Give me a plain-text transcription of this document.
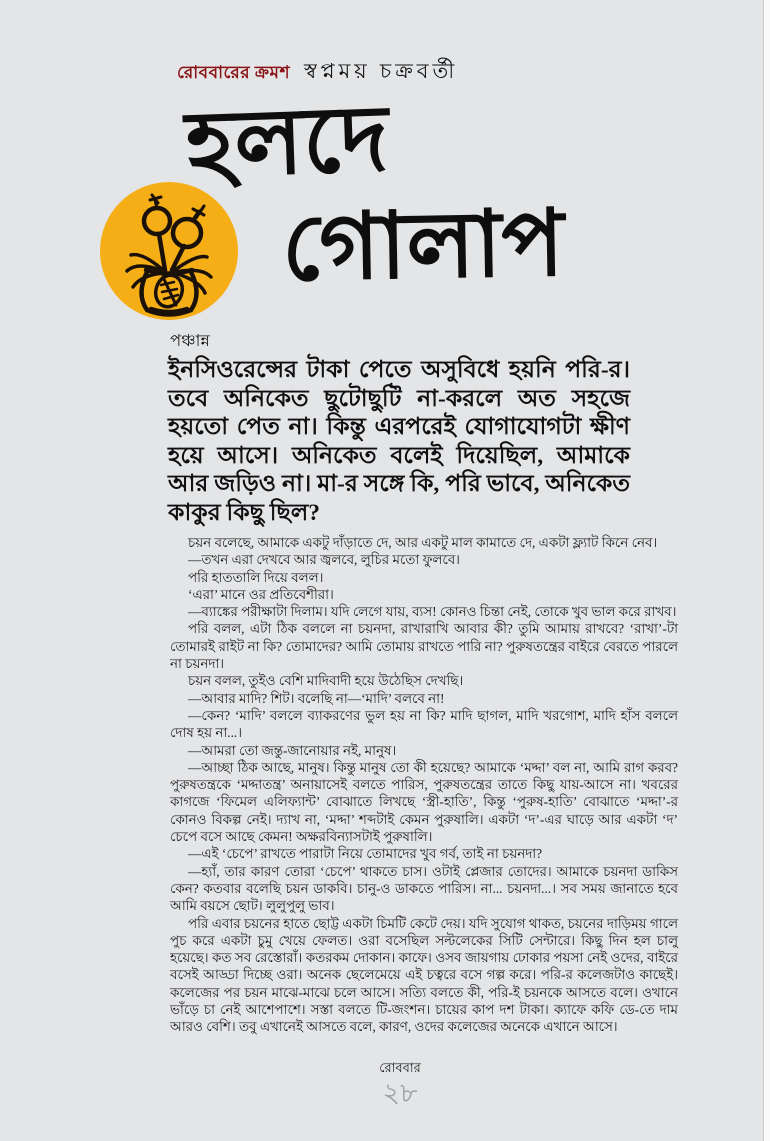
রোববারের ক্রমশ স্বপ্নময় চক্রবর্তী
হলদে
গোলাপ
পঞ্চান্ন
ইনসিওরেন্সের টাকা পেতে অসুবিধে হয়নি পরি-র। তবে অনিকেত ছুটোছুটি না-করলে অত সহজে হয়তো পেত না। কিন্তু এরপরেই যোগাযোগটা ক্ষীণ হয়ে আসে। অনিকেত বলেই দিয়েছিল, আমাকে আর জড়িও না। মা-র সঙ্গে কি, পরি ভাবে, অনিকেত কাকুর কিছু ছিল?

চয়ন বলেছে, আমাকে একটু দাঁড়াতে দে, আর একটু মাল কামাতে দে, একটা ফ্ল্যাট কিনে নেব।

—তখন এরা দেখবে আর জ্বলবে, লুচির মতো ফুলবে।

পরি হাততালি দিয়ে বলল।

‘এরা’ মানে ওর প্রতিবেশীরা।

—ব্যাঙ্কের পরীক্ষাটা দিলাম। যদি লেগে যায়, ব্যস! কোনও চিন্তা নেই, তোকে খুব ভাল করে রাখব।

পরি বলল, এটা ঠিক বললে না চয়নদা, রাখারাখি আবার কী? তুমি আমায় রাখবে? ‘রাখা’-টা তোমারই রাইট না কি? তোমাদের? আমি তোমায় রাখতে পারি না? পুরুষতন্ত্রের বাইরে বেরতে পারলে না চয়নদা।

চয়ন বলল, তুইও বেশি মাদিবাদী হয়ে উঠেছিস দেখছি।

—আবার মাদি? শিট। বলেছি না—‘মাদি’ বলবে না!

—কেন? ‘মাদি’ বললে ব্যাকরণের ভুল হয় না কি? মাদি ছাগল, মাদি খরগোশ, মাদি হাঁস বললে দোষ হয় না...।

—আমরা তো জন্তু-জানোয়ার নই, মানুষ।

—আচ্ছা ঠিক আছে, মানুষ। কিন্তু মানুষ তো কী হয়েছে? আমাকে ‘মদ্দা’ বল না, আমি রাগ করব? পুরুষতন্ত্রকে ‘মদ্দাতন্ত্র’ অনায়াসেই বলতে পারিস, পুরুষতন্ত্রের তাতে কিছু যায়-আসে না। খবরের কাগজে ‘ফিমেল এলিফ্যান্ট’ বোঝাতে লিখছে ‘স্ত্রী-হাতি’, কিন্তু ‘পুরুষ-হাতি’ বোঝাতে ‘মদ্দা’-র কোনও বিকল্প নেই। দ্যাখ না, ‘মদ্দা’ শব্দটাই কেমন পুরুষালি। একটা ‘দ’-এর ঘাড়ে আর একটা ‘দ’ চেপে বসে আছে কেমন! অক্ষরবিন্যাসটাই পুরুষালি।

—এই ‘চেপে’ রাখতে পারাটা নিয়ে তোমাদের খুব গর্ব, তাই না চয়নদা?

—হ্যাঁ, তার কারণ তোরা ‘চেপে’ থাকতে চাস। ওটাই প্লেজার তোদের। আমাকে চয়নদা ডাকিস কেন? কতবার বলেছি চয়ন ডাকবি। চানু-ও ডাকতে পারিস। না... চয়নদা...। সব সময় জানাতে হবে আমি বয়সে ছোট। লুলুপুলু ভাব।

পরি এবার চয়নের হাতে ছোট্ট একটা চিমটি কেটে দেয়। যদি সুযোগ থাকত, চয়নের দাড়িময় গালে পুচ করে একটা চুমু খেয়ে ফেলত। ওরা বসেছিল সল্টলেকের সিটি সেন্টারে। কিছু দিন হল চালু হয়েছে। কত সব রেস্তোরাঁ। কতরকম দোকান। কাফে। ওসব জায়গায় ঢোকার পয়সা নেই ওদের, বাইরে বসেই আড্ডা দিচ্ছে ওরা। অনেক ছেলেমেয়ে এই চত্বরে বসে গল্প করে। পরি-র কলেজটাও কাছেই। কলেজের পর চয়ন মাঝে-মাঝে চলে আসে। সত্যি বলতে কী, পরি-ই চয়নকে আসতে বলে। ওখানে ভাঁড়ে চা নেই আশেপাশে। সস্তা বলতে টি-জংশন। চায়ের কাপ দশ টাকা। ক্যাফে কফি ডে-তে দাম আরও বেশি। তবু এখানেই আসতে বলে, কারণ, ওদের কলেজের অনেকে এখানে আসে।

রোববার
২৮
